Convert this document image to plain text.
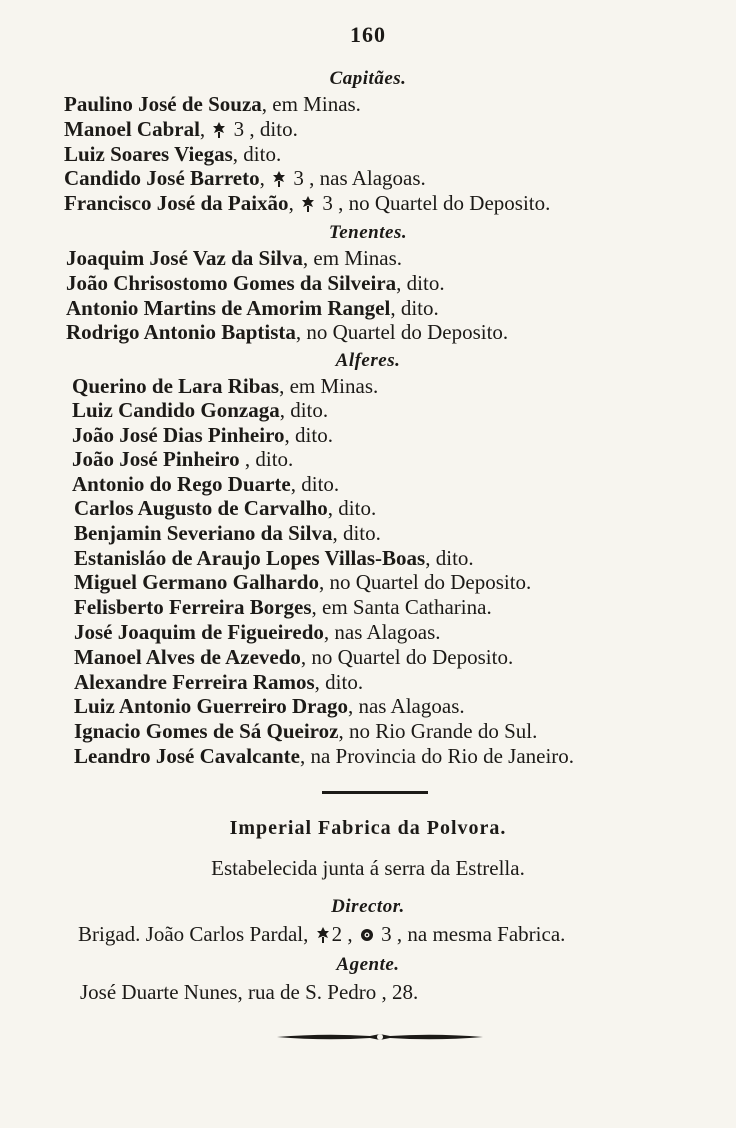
160
Capitães.
Paulino José de Souza, em Minas.
Manoel Cabral,
3 , dito.
Luiz Soares Viegas, dito.
Candido José Barreto,
3 , nas Alagoas.
Francisco José da Paixão,
3 , no Quartel do Deposito.
Tenentes.
Joaquim José Vaz da Silva, em Minas.
João Chrisostomo Gomes da Silveira, dito.
Antonio Martins de Amorim Rangel, dito.
Rodrigo Antonio Baptista, no Quartel do Deposito.
Alferes.
Querino de Lara Ribas, em Minas.
Luiz Candido Gonzaga, dito.
João José Dias Pinheiro, dito.
João José Pinheiro , dito.
Antonio do Rego Duarte, dito.
Carlos Augusto de Carvalho, dito.
Benjamin Severiano da Silva, dito.
Estanisláo de Araujo Lopes Villas-Boas, dito.
Miguel Germano Galhardo, no Quartel do Deposito.
Felisberto Ferreira Borges, em Santa Catharina.
José Joaquim de Figueiredo, nas Alagoas.
Manoel Alves de Azevedo, no Quartel do Deposito.
Alexandre Ferreira Ramos, dito.
Luiz Antonio Guerreiro Drago, nas Alagoas.
Ignacio Gomes de Sá Queiroz, no Rio Grande do Sul.
Leandro José Cavalcante, na Provincia do Rio de Janeiro.
Imperial Fabrica da Polvora.
Estabelecida junta á serra da Estrella.
Director.
Brigad. João Carlos Pardal, 2 ,
3 , na mesma Fabrica.
Agente.
José Duarte Nunes, rua de S. Pedro , 28.
